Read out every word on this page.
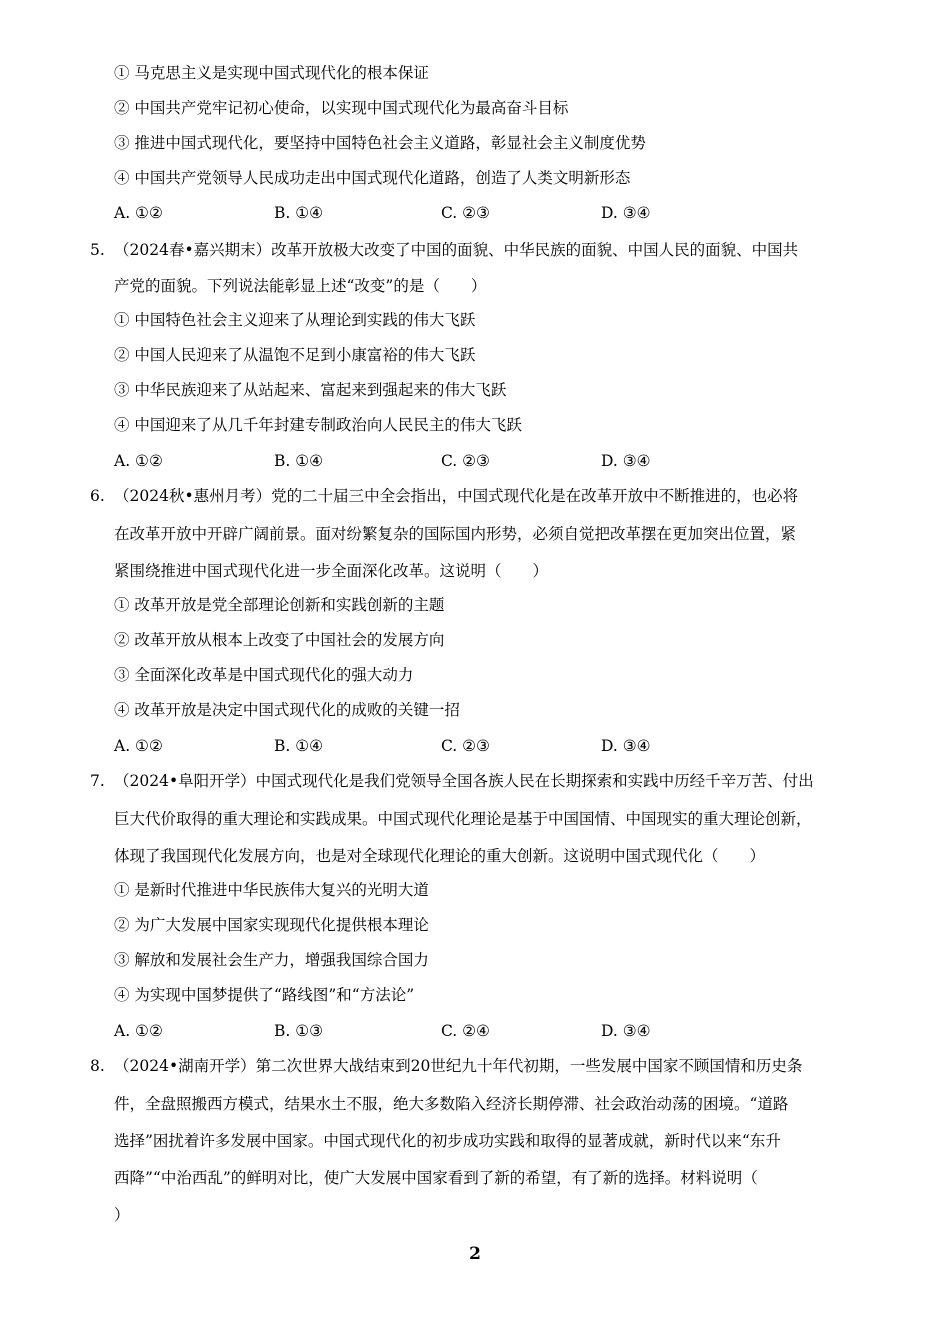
① 马克思主义是实现中国式现代化的根本保证
② 中国共产党牢记初心使命，以实现中国式现代化为最高奋斗目标
③ 推进中国式现代化，要坚持中国特色社会主义道路，彰显社会主义制度优势
④ 中国共产党领导人民成功走出中国式现代化道路，创造了人类文明新形态
A. ①②	B. ①④	C. ②③	D. ③④
5. （2024春•嘉兴期末）改革开放极大改变了中国的面貌、中华民族的面貌、中国人民的面貌、中国共
产党的面貌。下列说法能彰显上述“改变”的是（　　）
① 中国特色社会主义迎来了从理论到实践的伟大飞跃
② 中国人民迎来了从温饱不足到小康富裕的伟大飞跃
③ 中华民族迎来了从站起来、富起来到强起来的伟大飞跃
④ 中国迎来了从几千年封建专制政治向人民民主的伟大飞跃
A. ①②	B. ①④	C. ②③	D. ③④
6. （2024秋•惠州月考）党的二十届三中全会指出，中国式现代化是在改革开放中不断推进的，也必将
在改革开放中开辟广阔前景。面对纷繁复杂的国际国内形势，必须自觉把改革摆在更加突出位置，紧
紧围绕推进中国式现代化进一步全面深化改革。这说明（　　）
① 改革开放是党全部理论创新和实践创新的主题
② 改革开放从根本上改变了中国社会的发展方向
③ 全面深化改革是中国式现代化的强大动力
④ 改革开放是决定中国式现代化的成败的关键一招
A. ①②	B. ①④	C. ②③	D. ③④
7. （2024•阜阳开学）中国式现代化是我们党领导全国各族人民在长期探索和实践中历经千辛万苦、付出
巨大代价取得的重大理论和实践成果。中国式现代化理论是基于中国国情、中国现实的重大理论创新，
体现了我国现代化发展方向，也是对全球现代化理论的重大创新。这说明中国式现代化（　　）
① 是新时代推进中华民族伟大复兴的光明大道
② 为广大发展中国家实现现代化提供根本理论
③ 解放和发展社会生产力，增强我国综合国力
④ 为实现中国梦提供了“路线图”和“方法论”
A. ①②	B. ①③	C. ②④	D. ③④
8. （2024•湖南开学）第二次世界大战结束到20世纪九十年代初期，一些发展中国家不顾国情和历史条
件，全盘照搬西方模式，结果水土不服，绝大多数陷入经济长期停滞、社会政治动荡的困境。“道路
选择”困扰着许多发展中国家。中国式现代化的初步成功实践和取得的显著成就，新时代以来“东升
西降”“中治西乱”的鲜明对比，使广大发展中国家看到了新的希望，有了新的选择。材料说明（
）
2
